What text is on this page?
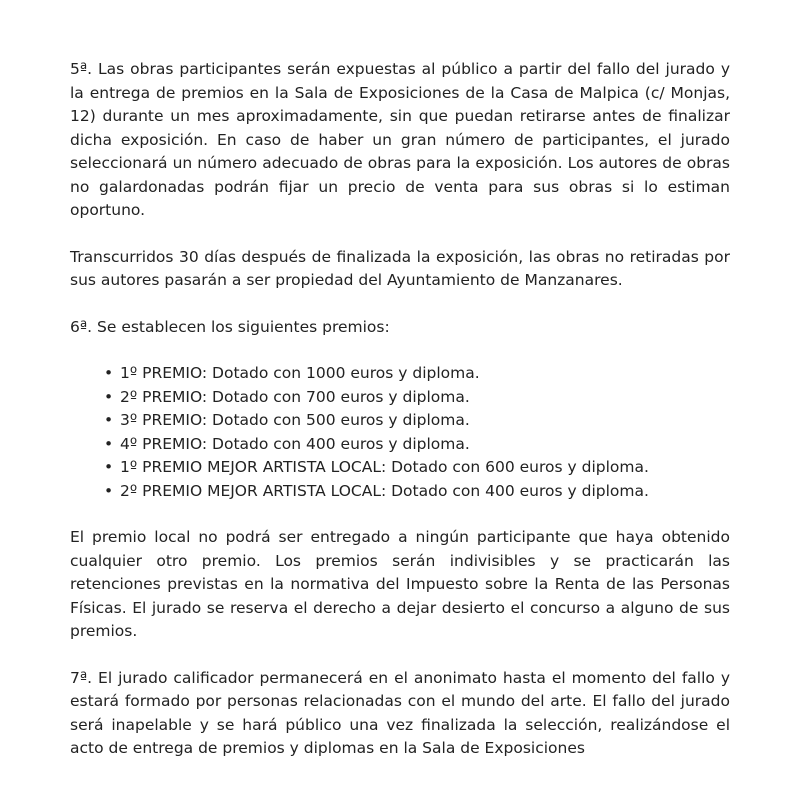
5ª. Las obras participantes serán expuestas al público a partir del fallo del jurado y la entrega de premios en la Sala de Exposiciones de la Casa de Malpica (c/ Monjas, 12) durante un mes aproximadamente, sin que puedan retirarse antes de finalizar dicha exposición. En caso de haber un gran número de participantes, el jurado seleccionará un número adecuado de obras para la exposición. Los autores de obras no galardonadas podrán fijar un precio de venta para sus obras si lo estiman oportuno.

Transcurridos 30 días después de finalizada la exposición, las obras no retiradas por sus autores pasarán a ser propiedad del Ayuntamiento de Manzanares.

6ª. Se establecen los siguientes premios:

• 1º PREMIO: Dotado con 1000 euros y diploma.
• 2º PREMIO: Dotado con 700 euros y diploma.
• 3º PREMIO: Dotado con 500 euros y diploma.
• 4º PREMIO: Dotado con 400 euros y diploma.
• 1º PREMIO MEJOR ARTISTA LOCAL: Dotado con 600 euros y diploma.
• 2º PREMIO MEJOR ARTISTA LOCAL: Dotado con 400 euros y diploma.

El premio local no podrá ser entregado a ningún participante que haya obtenido cualquier otro premio. Los premios serán indivisibles y se practicarán las retenciones previstas en la normativa del Impuesto sobre la Renta de las Personas Físicas. El jurado se reserva el derecho a dejar desierto el concurso a alguno de sus premios.

7ª. El jurado calificador permanecerá en el anonimato hasta el momento del fallo y estará formado por personas relacionadas con el mundo del arte. El fallo del jurado será inapelable y se hará público una vez finalizada la selección, realizándose el acto de entrega de premios y diplomas en la Sala de Exposiciones
